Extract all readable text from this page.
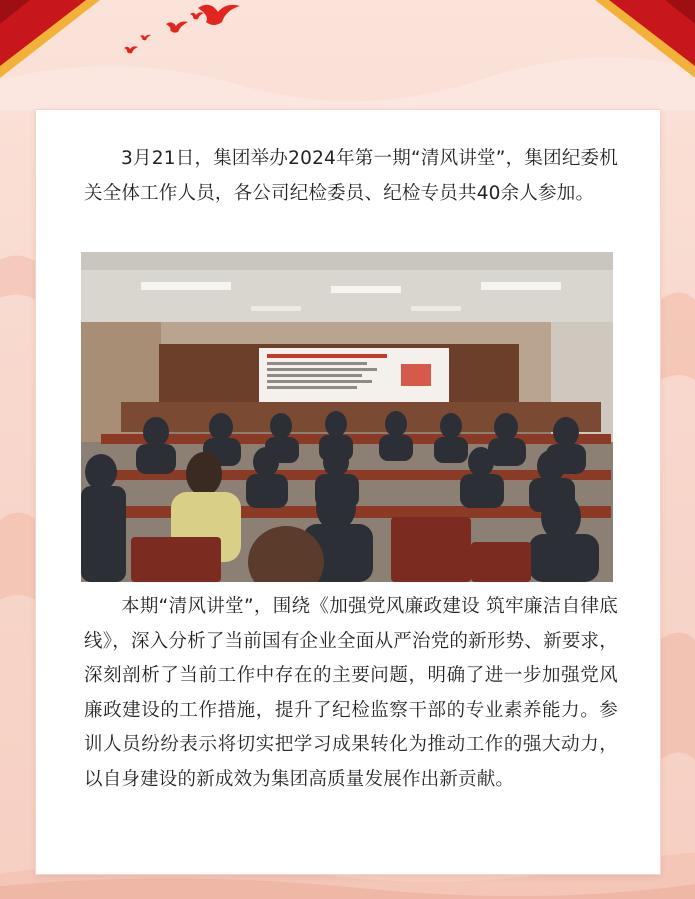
3月21日，集团举办2024年第一期“清风讲堂”，集团纪委机关全体工作人员，各公司纪检委员、纪检专员共40余人参加。

本期“清风讲堂”，围绕《加强党风廉政建设 筑牢廉洁自律底线》，深入分析了当前国有企业全面从严治党的新形势、新要求，深刻剖析了当前工作中存在的主要问题，明确了进一步加强党风廉政建设的工作措施，提升了纪检监察干部的专业素养能力。参训人员纷纷表示将切实把学习成果转化为推动工作的强大动力，以自身建设的新成效为集团高质量发展作出新贡献。
